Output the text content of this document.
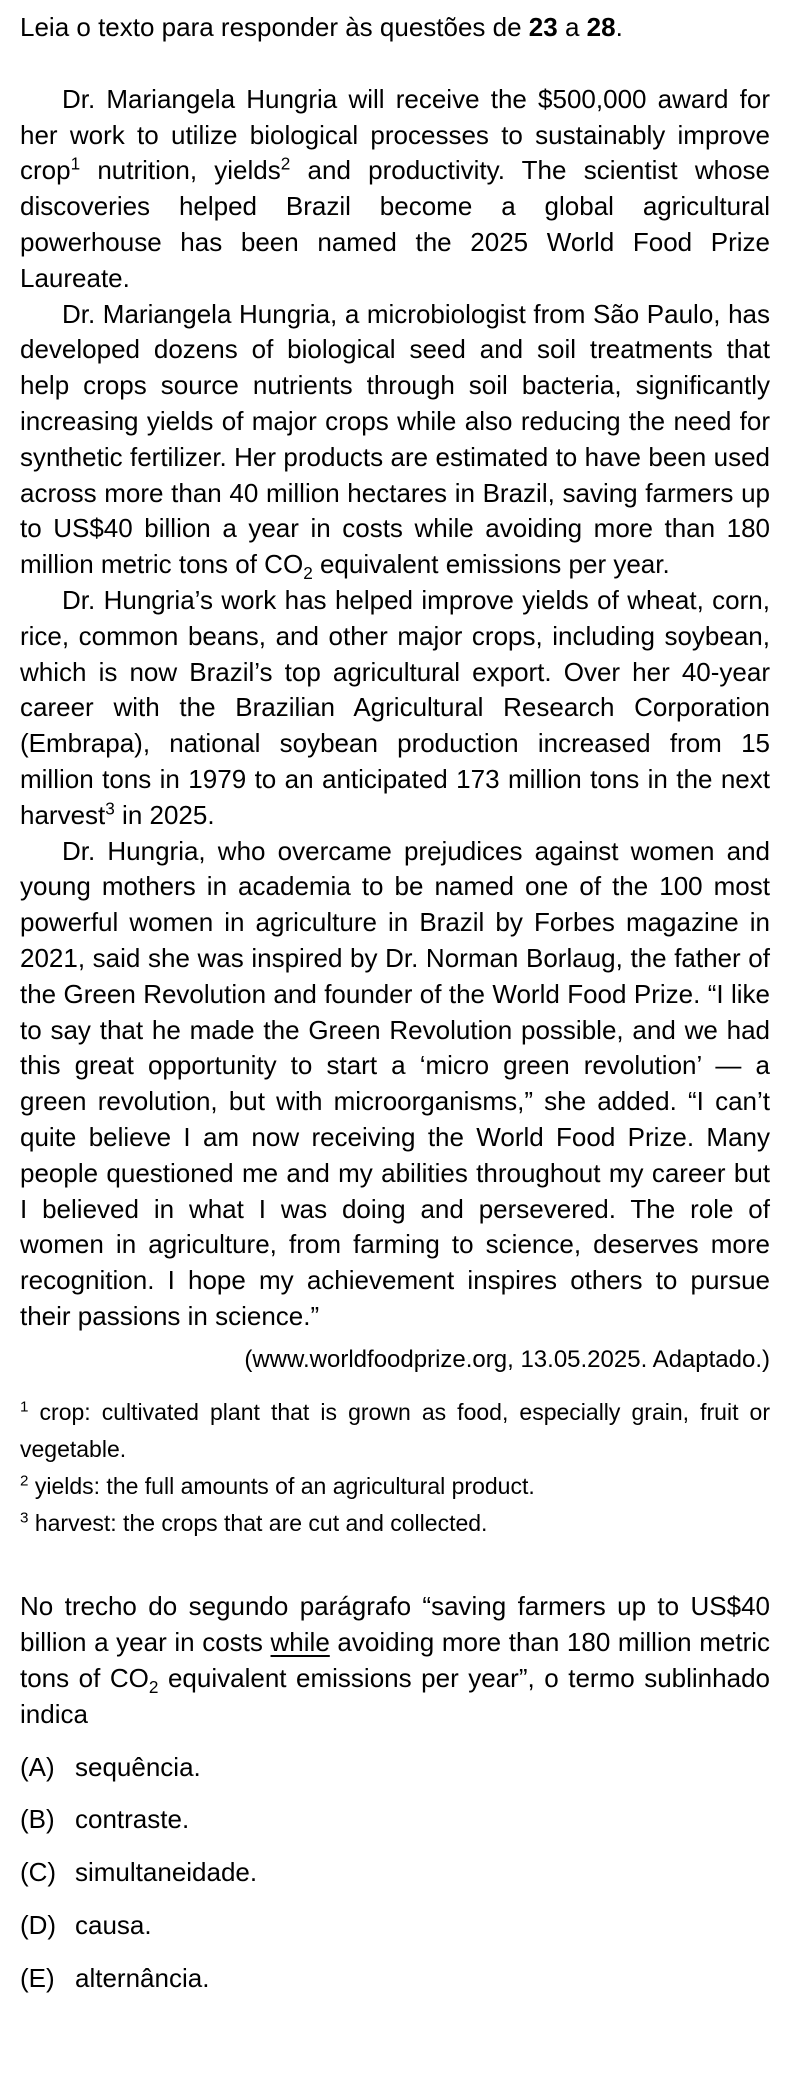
Leia o texto para responder às questões de 23 a 28.

Dr. Mariangela Hungria will receive the $500,000 award for her work to utilize biological processes to sustainably improve crop$^1$ nutrition, yields$^2$ and productivity. The scientist whose discoveries helped Brazil become a global agricultural powerhouse has been named the 2025 World Food Prize Laureate.

Dr. Mariangela Hungria, a microbiologist from São Paulo, has developed dozens of biological seed and soil treatments that help crops source nutrients through soil bacteria, significantly increasing yields of major crops while also reducing the need for synthetic fertilizer. Her products are estimated to have been used across more than 40 million hectares in Brazil, saving farmers up to US$40 billion a year in costs while avoiding more than 180 million metric tons of $CO_2$ equivalent emissions per year.

Dr. Hungria’s work has helped improve yields of wheat, corn, rice, common beans, and other major crops, including soybean, which is now Brazil’s top agricultural export. Over her 40-year career with the Brazilian Agricultural Research Corporation (Embrapa), national soybean production increased from 15 million tons in 1979 to an anticipated 173 million tons in the next harvest$^3$ in 2025.

Dr. Hungria, who overcame prejudices against women and young mothers in academia to be named one of the 100 most powerful women in agriculture in Brazil by Forbes magazine in 2021, said she was inspired by Dr. Norman Borlaug, the father of the Green Revolution and founder of the World Food Prize. “I like to say that he made the Green Revolution possible, and we had this great opportunity to start a ‘micro green revolution’ — a green revolution, but with microorganisms,” she added. “I can’t quite believe I am now receiving the World Food Prize. Many people questioned me and my abilities throughout my career but I believed in what I was doing and persevered. The role of women in agriculture, from farming to science, deserves more recognition. I hope my achievement inspires others to pursue their passions in science.”

(www.worldfoodprize.org, 13.05.2025. Adaptado.)

$^1$ crop: cultivated plant that is grown as food, especially grain, fruit or vegetable.

$^2$ yields: the full amounts of an agricultural product.

$^3$ harvest: the crops that are cut and collected.

No trecho do segundo parágrafo “saving farmers up to US$40 billion a year in costs while avoiding more than 180 million metric tons of $CO_2$ equivalent emissions per year”, o termo sublinhado indica

(A) sequência.
(B) contraste.
(C) simultaneidade.
(D) causa.
(E) alternância.
